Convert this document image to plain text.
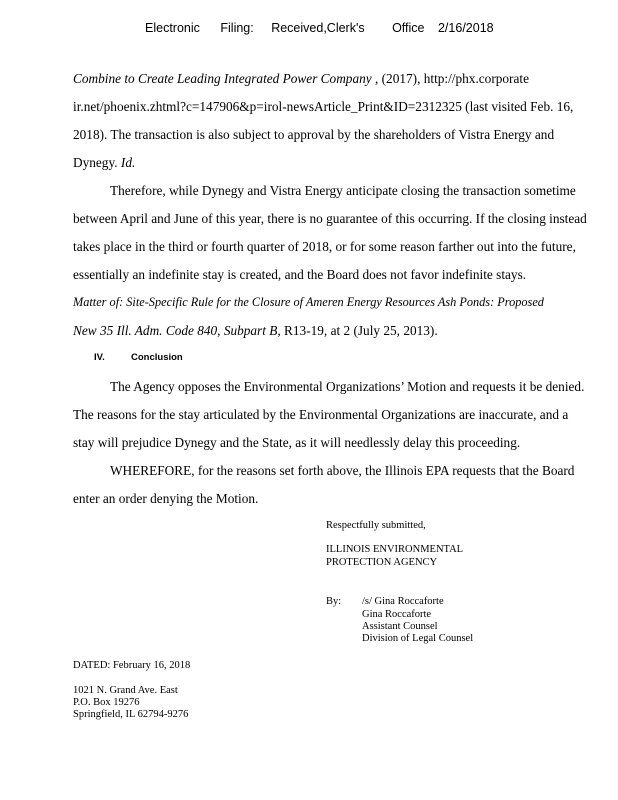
Electronic Filing: Received,Clerk's Office 2/16/2018
Combine to Create Leading Integrated Power Company , (2017), http://phx.corporate
ir.net/phoenix.zhtml?c=147906&p=irol-newsArticle_Print&ID=2312325 (last visited Feb. 16,
2018). The transaction is also subject to approval by the shareholders of Vistra Energy and
Dynegy. Id.
Therefore, while Dynegy and Vistra Energy anticipate closing the transaction sometime
between April and June of this year, there is no guarantee of this occurring. If the closing instead
takes place in the third or fourth quarter of 2018, or for some reason farther out into the future,
essentially an indefinite stay is created, and the Board does not favor indefinite stays.
Matter of: Site-Specific Rule for the Closure of Ameren Energy Resources Ash Ponds: Proposed
New 35 Ill. Adm. Code 840, Subpart B, R13-19, at 2 (July 25, 2013).
IV.	Conclusion
The Agency opposes the Environmental Organizations’ Motion and requests it be denied.
The reasons for the stay articulated by the Environmental Organizations are inaccurate, and a
stay will prejudice Dynegy and the State, as it will needlessly delay this proceeding.
WHEREFORE, for the reasons set forth above, the Illinois EPA requests that the Board
enter an order denying the Motion.
Respectfully submitted,
ILLINOIS ENVIRONMENTAL
PROTECTION AGENCY
By: /s/ Gina Roccaforte
Gina Roccaforte
Assistant Counsel
Division of Legal Counsel
DATED: February 16, 2018
1021 N. Grand Ave. East
P.O. Box 19276
Springfield, IL 62794-9276
